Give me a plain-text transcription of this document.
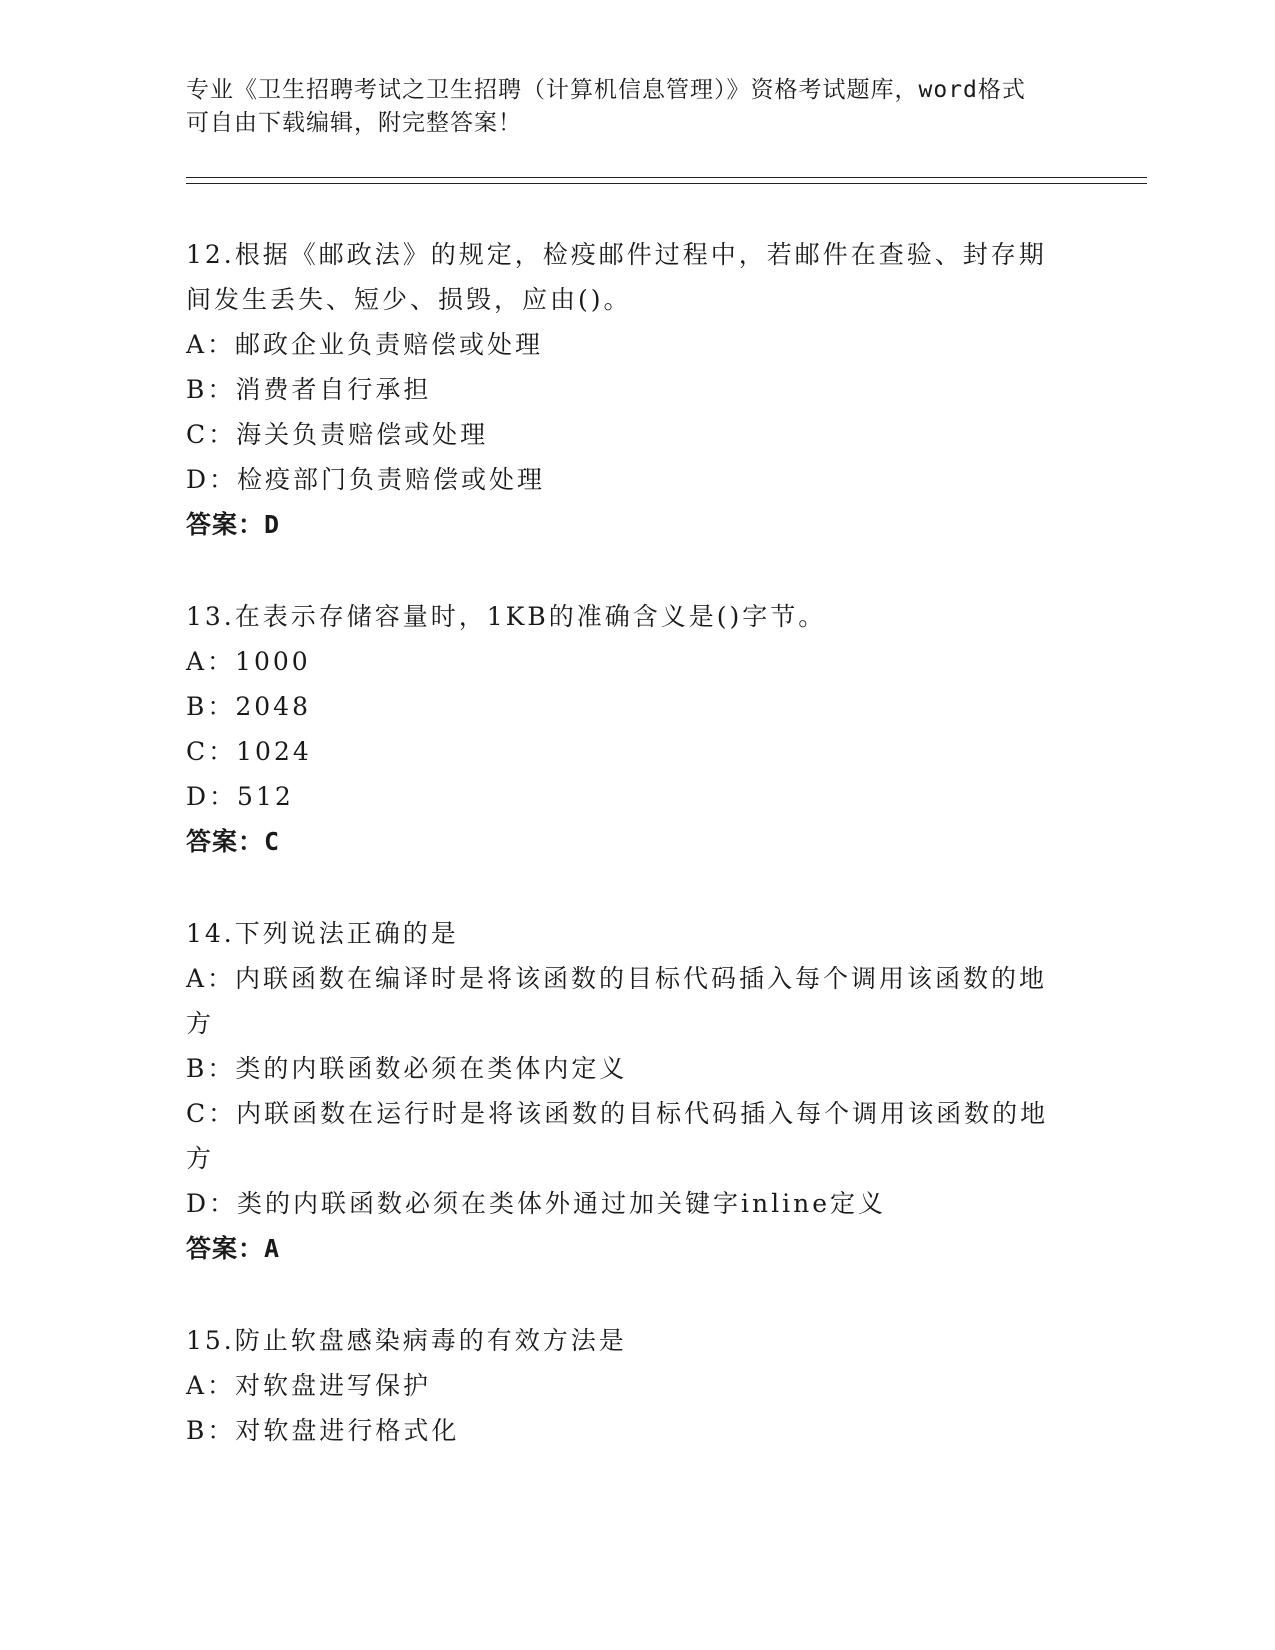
专业《卫生招聘考试之卫生招聘（计算机信息管理）》资格考试题库，word格式
可自由下载编辑，附完整答案！
12.根据《邮政法》的规定，检疫邮件过程中，若邮件在查验、封存期
间发生丢失、短少、损毁，应由()。
A：邮政企业负责赔偿或处理
B：消费者自行承担
C：海关负责赔偿或处理
D：检疫部门负责赔偿或处理
答案：D
13.在表示存储容量时，1KB的准确含义是()字节。
A：1000
B：2048
C：1024
D：512
答案：C
14.下列说法正确的是
A：内联函数在编译时是将该函数的目标代码插入每个调用该函数的地
方
B：类的内联函数必须在类体内定义
C：内联函数在运行时是将该函数的目标代码插入每个调用该函数的地
方
D：类的内联函数必须在类体外通过加关键字inline定义
答案：A
15.防止软盘感染病毒的有效方法是
A：对软盘进写保护
B：对软盘进行格式化
